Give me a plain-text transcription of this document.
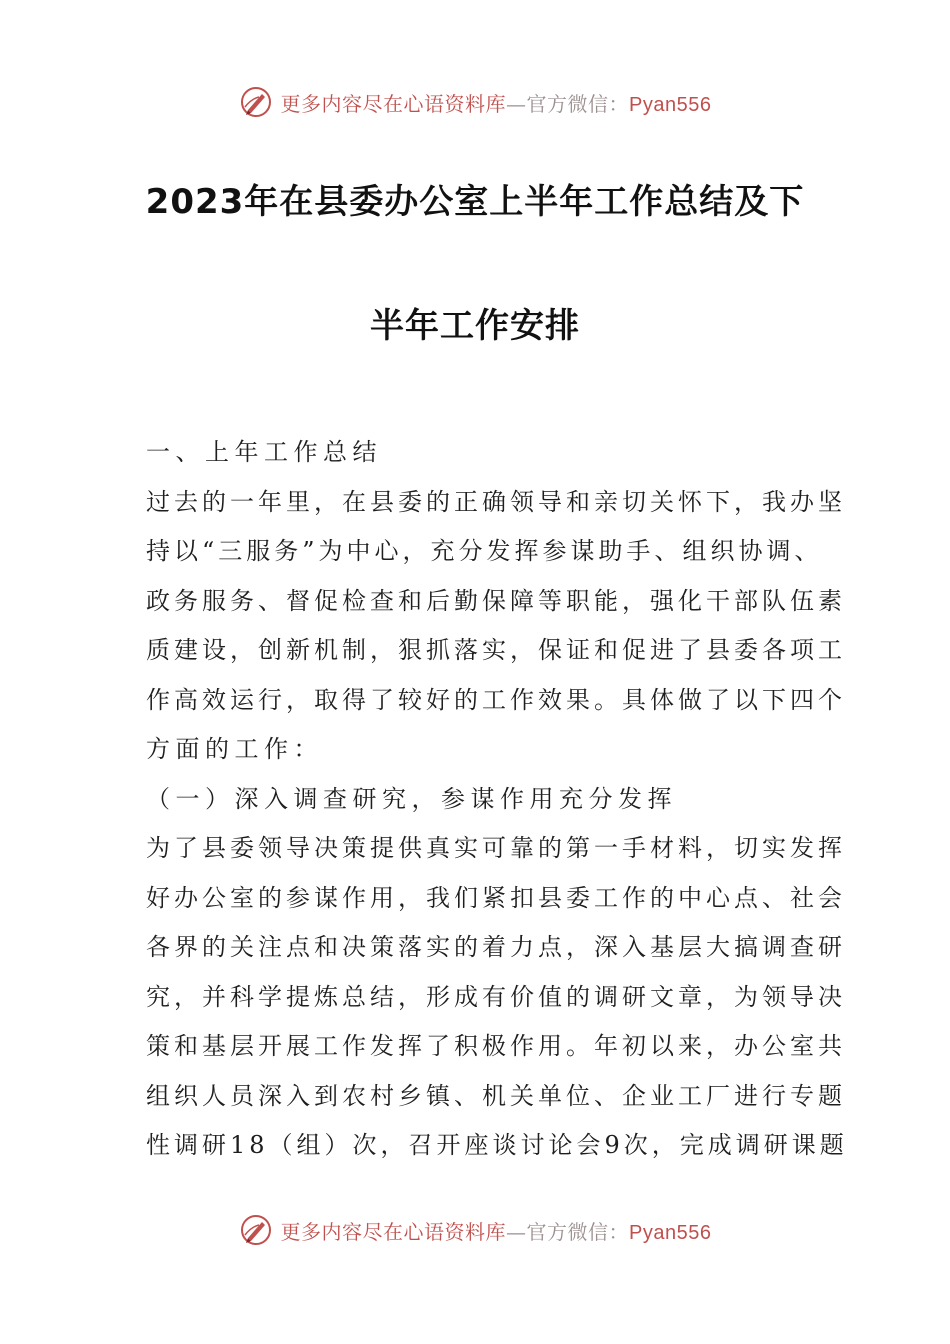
更多内容尽在心语资料库—官方微信：Pyan556
2023年在县委办公室上半年工作总结及下
半年工作安排
一、上年工作总结
过去的一年里，在县委的正确领导和亲切关怀下，我办坚
持以“三服务”为中心，充分发挥参谋助手、组织协调、
政务服务、督促检查和后勤保障等职能，强化干部队伍素
质建设，创新机制，狠抓落实，保证和促进了县委各项工
作高效运行，取得了较好的工作效果。具体做了以下四个
方面的工作：
（一）深入调查研究，参谋作用充分发挥
为了县委领导决策提供真实可靠的第一手材料，切实发挥
好办公室的参谋作用，我们紧扣县委工作的中心点、社会
各界的关注点和决策落实的着力点，深入基层大搞调查研
究，并科学提炼总结，形成有价值的调研文章，为领导决
策和基层开展工作发挥了积极作用。年初以来，办公室共
组织人员深入到农村乡镇、机关单位、企业工厂进行专题
性调研18（组）次，召开座谈讨论会9次，完成调研课题
更多内容尽在心语资料库—官方微信：Pyan556
